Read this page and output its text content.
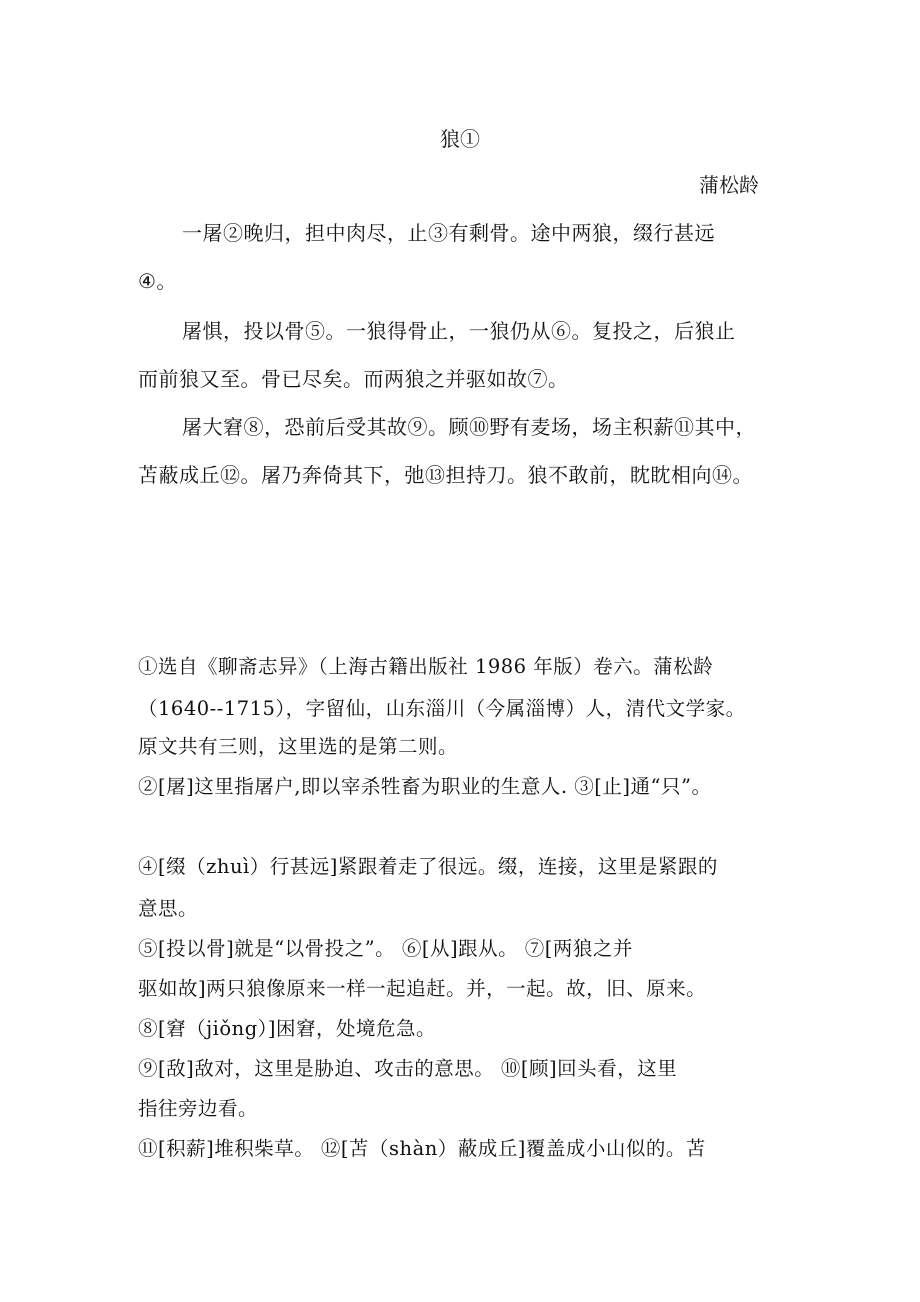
狼①
蒲松龄
一屠②晚归，担中肉尽，止③有剩骨。途中两狼，缀行甚远
④。
屠惧，投以骨⑤。一狼得骨止，一狼仍从⑥。复投之，后狼止
而前狼又至。骨已尽矣。而两狼之并驱如故⑦。
屠大窘⑧，恐前后受其故⑨。顾⑩野有麦场，场主积薪⑪其中，
苫蔽成丘⑫。屠乃奔倚其下，弛⑬担持刀。狼不敢前，眈眈相向⑭。
①选自《聊斋志异》（上海古籍出版社 1986 年版）卷六。蒲松龄
（1640--1715），字留仙，山东淄川（今属淄博）人，清代文学家。
原文共有三则，这里选的是第二则。
②[屠]这里指屠户,即以宰杀牲畜为职业的生意人. ③[止]通“只”。
④[缀（zhuì）行甚远]紧跟着走了很远。缀，连接，这里是紧跟的
意思。
⑤[投以骨]就是“以骨投之”。 ⑥[从]跟从。 ⑦[两狼之并
驱如故]两只狼像原来一样一起追赶。并，一起。故，旧、原来。
⑧[窘（jiǒng）]困窘，处境危急。
⑨[敌]敌对，这里是胁迫、攻击的意思。 ⑩[顾]回头看，这里
指往旁边看。
⑪[积薪]堆积柴草。 ⑫[苫（shàn）蔽成丘]覆盖成小山似的。苫
